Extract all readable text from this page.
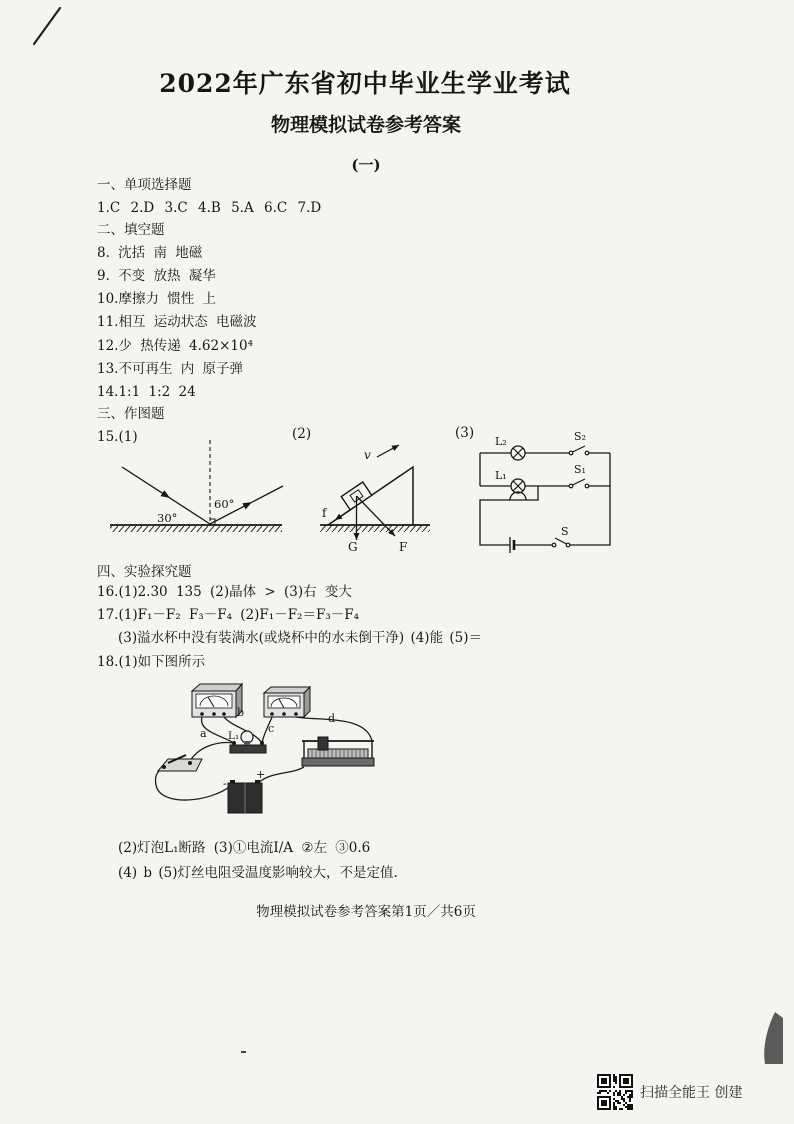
2022年广东省初中毕业生学业考试
物理模拟试卷参考答案
(一)
一、单项选择题
1.C 2.D 3.C 4.B 5.A 6.C 7.D
二、填空题
8. 沈括 南 地磁
9. 不变 放热 凝华
10.摩擦力 惯性 上
11.相互 运动状态 电磁波
12.少 热传递 4.62×10⁴
13.不可再生 内 原子弹
14.1:1 1:2 24
三、作图题
15.(1)	(2)	(3)
30°
60°
v
f
G	F
L₂	S₂
L₁	S₁
S
四、实验探究题
16.(1)2.30 135 (2)晶体 > (3)右 变大
17.(1)F₁－F₂ F₃－F₄ (2)F₁－F₂＝F₃－F₄
(3)溢水杯中没有装满水(或烧杯中的水未倒干净) (4)能 (5)＝
18.(1)如下图所示
a
b
c
d
L₁
-
+
(2)灯泡L₁断路 (3)①电流I/A ②左 ③0.6
(4) b (5)灯丝电阻受温度影响较大，不是定值.
物理模拟试卷参考答案第1页／共6页
扫描全能王 创建
